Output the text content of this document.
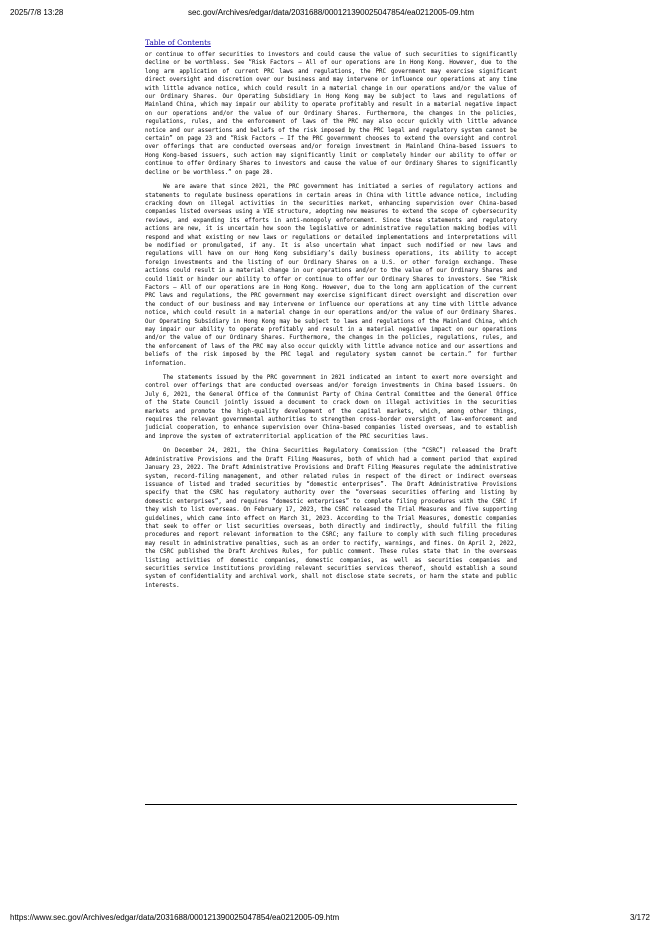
2025/7/8 13:28	sec.gov/Archives/edgar/data/2031688/000121390025047854/ea0212005-09.htm
Table of Contents

or continue to offer securities to investors and could cause the value of such securities to significantly decline or be worthless. See “Risk Factors — All of our operations are in Hong Kong. However, due to the long arm application of current PRC laws and regulations, the PRC government may exercise significant direct oversight and discretion over our business and may intervene or influence our operations at any time with little advance notice, which could result in a material change in our operations and/or the value of our Ordinary Shares. Our Operating Subsidiary in Hong Kong may be subject to laws and regulations of Mainland China, which may impair our ability to operate profitably and result in a material negative impact on our operations and/or the value of our Ordinary Shares. Furthermore, the changes in the policies, regulations, rules, and the enforcement of laws of the PRC may also occur quickly with little advance notice and our assertions and beliefs of the risk imposed by the PRC legal and regulatory system cannot be certain” on page 23 and “Risk Factors — If the PRC government chooses to extend the oversight and control over offerings that are conducted overseas and/or foreign investment in Mainland China-based issuers to Hong Kong-based issuers, such action may significantly limit or completely hinder our ability to offer or continue to offer Ordinary Shares to investors and cause the value of our Ordinary Shares to significantly decline or be worthless.” on page 28.

We are aware that since 2021, the PRC government has initiated a series of regulatory actions and statements to regulate business operations in certain areas in China with little advance notice, including cracking down on illegal activities in the securities market, enhancing supervision over China-based companies listed overseas using a VIE structure, adopting new measures to extend the scope of cybersecurity reviews, and expanding its efforts in anti-monopoly enforcement. Since these statements and regulatory actions are new, it is uncertain how soon the legislative or administrative regulation making bodies will respond and what existing or new laws or regulations or detailed implementations and interpretations will be modified or promulgated, if any. It is also uncertain what impact such modified or new laws and regulations will have on our Hong Kong subsidiary’s daily business operations, its ability to accept foreign investments and the listing of our Ordinary Shares on a U.S. or other foreign exchange. These actions could result in a material change in our operations and/or to the value of our Ordinary Shares and could limit or hinder our ability to offer or continue to offer our Ordinary Shares to investors. See “Risk Factors — All of our operations are in Hong Kong. However, due to the long arm application of the current PRC laws and regulations, the PRC government may exercise significant direct oversight and discretion over the conduct of our business and may intervene or influence our operations at any time with little advance notice, which could result in a material change in our operations and/or the value of our Ordinary Shares. Our Operating Subsidiary in Hong Kong may be subject to laws and regulations of the Mainland China, which may impair our ability to operate profitably and result in a material negative impact on our operations and/or the value of our Ordinary Shares. Furthermore, the changes in the policies, regulations, rules, and the enforcement of laws of the PRC may also occur quickly with little advance notice and our assertions and beliefs of the risk imposed by the PRC legal and regulatory system cannot be certain.” for further information.

The statements issued by the PRC government in 2021 indicated an intent to exert more oversight and control over offerings that are conducted overseas and/or foreign investments in China based issuers. On July 6, 2021, the General Office of the Communist Party of China Central Committee and the General Office of the State Council jointly issued a document to crack down on illegal activities in the securities markets and promote the high-quality development of the capital markets, which, among other things, requires the relevant governmental authorities to strengthen cross-border oversight of law-enforcement and judicial cooperation, to enhance supervision over China-based companies listed overseas, and to establish and improve the system of extraterritorial application of the PRC securities laws.

On December 24, 2021, the China Securities Regulatory Commission (the “CSRC”) released the Draft Administrative Provisions and the Draft Filing Measures, both of which had a comment period that expired January 23, 2022. The Draft Administrative Provisions and Draft Filing Measures regulate the administrative system, record-filing management, and other related rules in respect of the direct or indirect overseas issuance of listed and traded securities by “domestic enterprises”. The Draft Administrative Provisions specify that the CSRC has regulatory authority over the “overseas securities offering and listing by domestic enterprises”, and requires “domestic enterprises” to complete filing procedures with the CSRC if they wish to list overseas. On February 17, 2023, the CSRC released the Trial Measures and five supporting guidelines, which came into effect on March 31, 2023. According to the Trial Measures, domestic companies that seek to offer or list securities overseas, both directly and indirectly, should fulfill the filing procedures and report relevant information to the CSRC; any failure to comply with such filing procedures may result in administrative penalties, such as an order to rectify, warnings, and fines. On April 2, 2022, the CSRC published the Draft Archives Rules, for public comment. These rules state that in the overseas listing activities of domestic companies, domestic companies, as well as securities companies and securities service institutions providing relevant securities services thereof, should establish a sound system of confidentiality and archival work, shall not disclose state secrets, or harm the state and public interests.

https://www.sec.gov/Archives/edgar/data/2031688/000121390025047854/ea0212005-09.htm	3/172
